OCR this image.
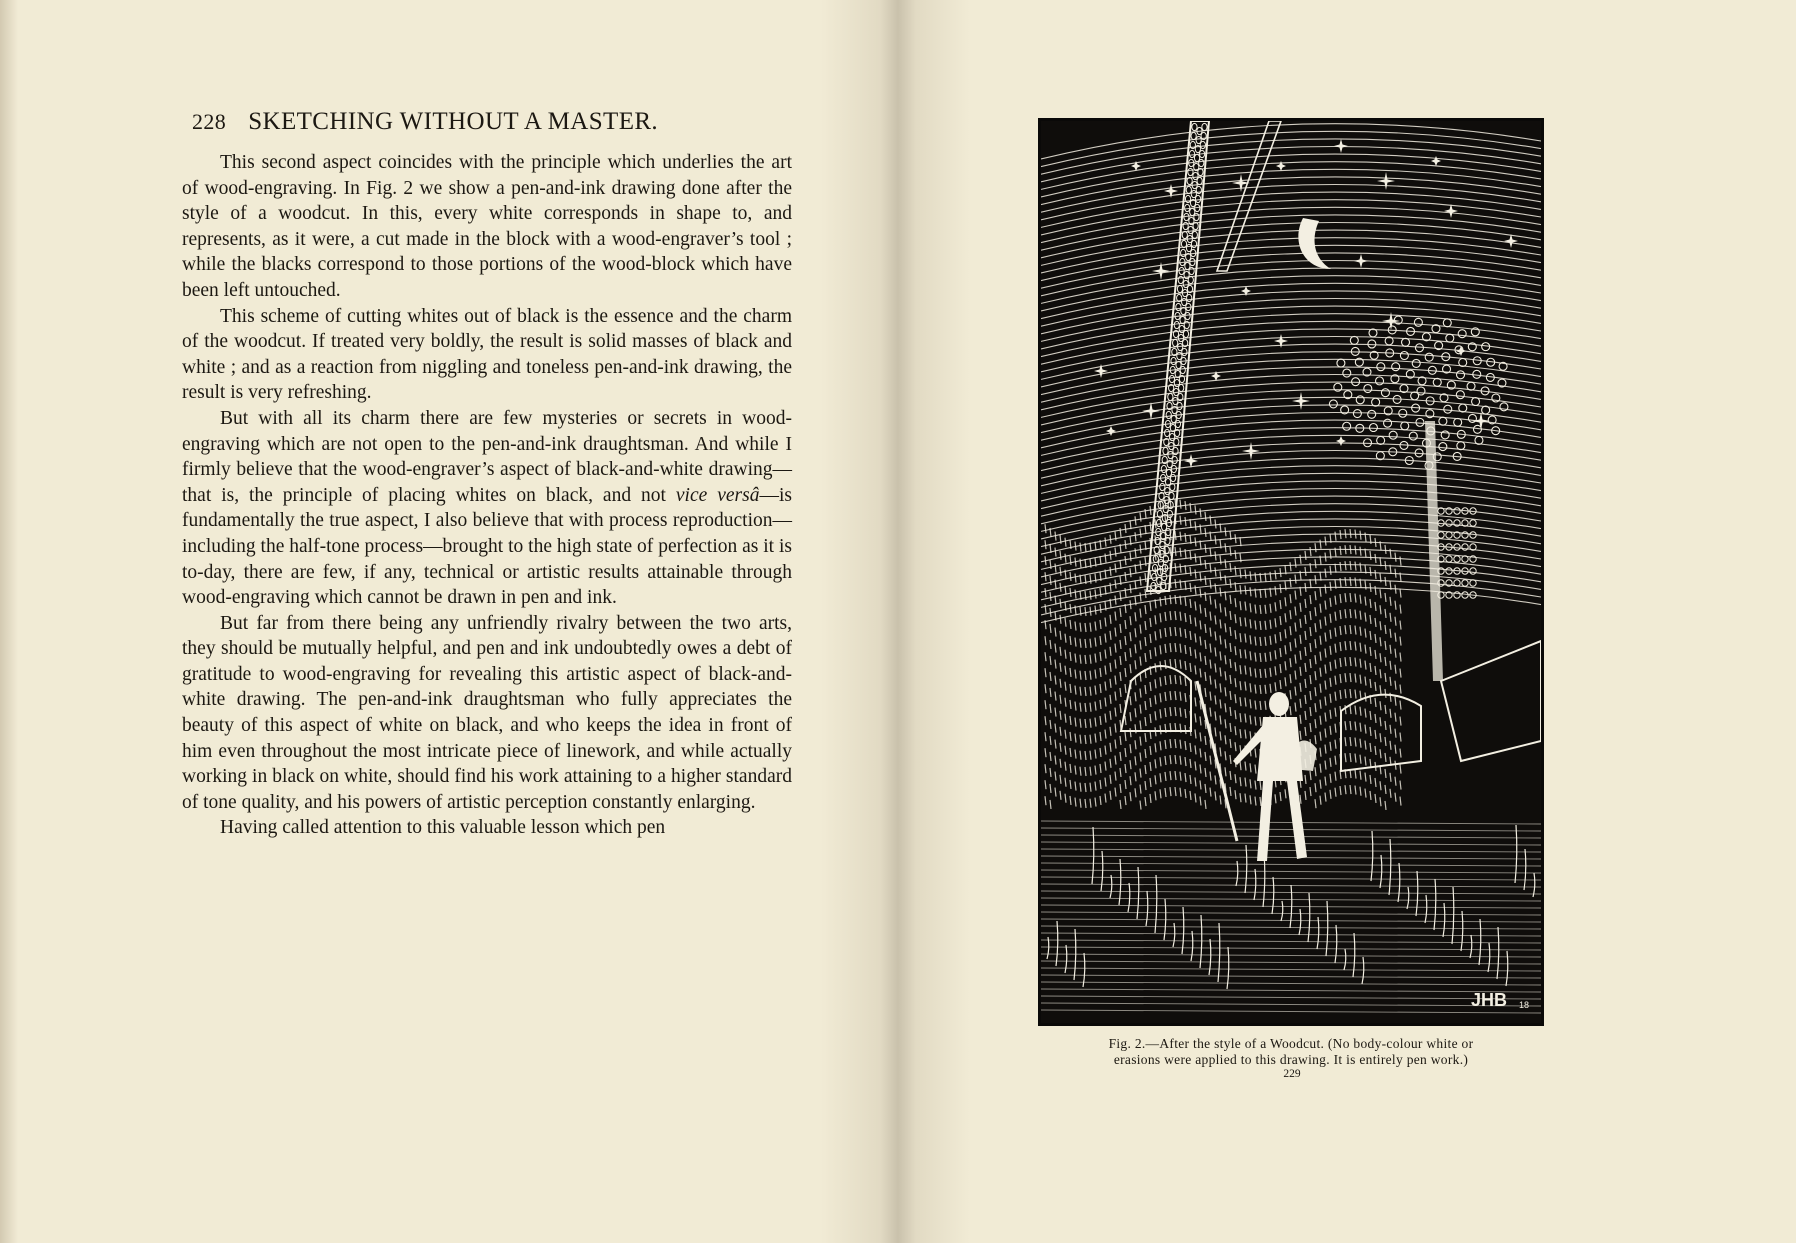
228 SKETCHING WITHOUT A MASTER.

This second aspect coincides with the principle which underlies the art of wood-engraving. In Fig. 2 we show a pen-and-ink drawing done after the style of a woodcut. In this, every white corresponds in shape to, and represents, as it were, a cut made in the block with a wood-engraver’s tool ; while the blacks correspond to those portions of the wood-block which have been left untouched.

This scheme of cutting whites out of black is the essence and the charm of the woodcut. If treated very boldly, the result is solid masses of black and white ; and as a reaction from niggling and toneless pen-and-ink drawing, the result is very refreshing.

But with all its charm there are few mysteries or secrets in wood-engraving which are not open to the pen-and-ink draughtsman. And while I firmly believe that the wood-engraver’s aspect of black-and-white drawing—that is, the principle of placing whites on black, and not vice versâ—is fundamentally the true aspect, I also believe that with process reproduction—including the half-tone process—brought to the high state of perfection as it is to-day, there are few, if any, technical or artistic results attainable through wood-engraving which cannot be drawn in pen and ink.

But far from there being any unfriendly rivalry between the two arts, they should be mutually helpful, and pen and ink undoubtedly owes a debt of gratitude to wood-engraving for revealing this artistic aspect of black-and-white drawing. The pen-and-ink draughtsman who fully appreciates the beauty of this aspect of white on black, and who keeps the idea in front of him even throughout the most intricate piece of linework, and while actually working in black on white, should find his work attaining to a higher standard of tone quality, and his powers of artistic perception constantly enlarging.

Having called attention to this valuable lesson which pen

JHB 18
Fig. 2.—After the style of a Woodcut. (No body-colour white or
erasions were applied to this drawing. It is entirely pen work.)
229
